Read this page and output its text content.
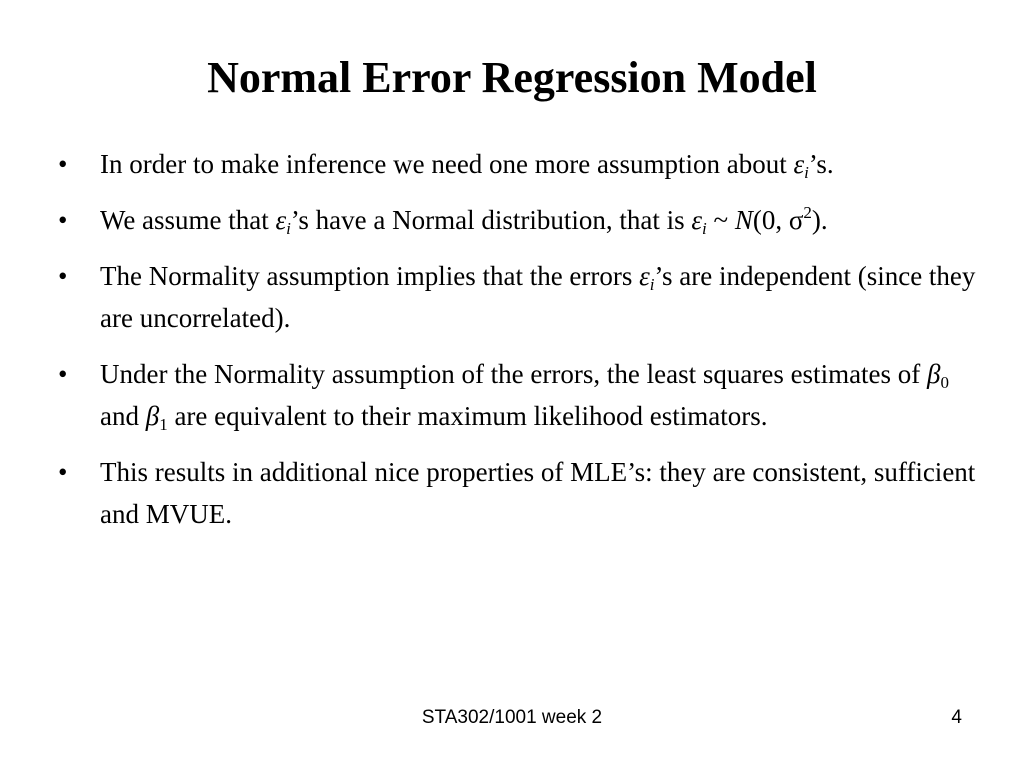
Normal Error Regression Model
•	In order to make inference we need one more assumption about $\varepsilon_i’s$.
•	We assume that $\varepsilon_i’s$ have a Normal distribution, that is $\varepsilon_i$ ~ N(0, $\sigma^2$).
•	The Normality assumption implies that the errors $\varepsilon_i’s$ are independent (since they are uncorrelated).
•	Under the Normality assumption of the errors, the least squares estimates of $\beta_0$ and $\beta_1$ are equivalent to their maximum likelihood estimators.
•	This results in additional nice properties of MLE’s: they are consistent, sufficient and MVUE.
STA302/1001 week 2	4
